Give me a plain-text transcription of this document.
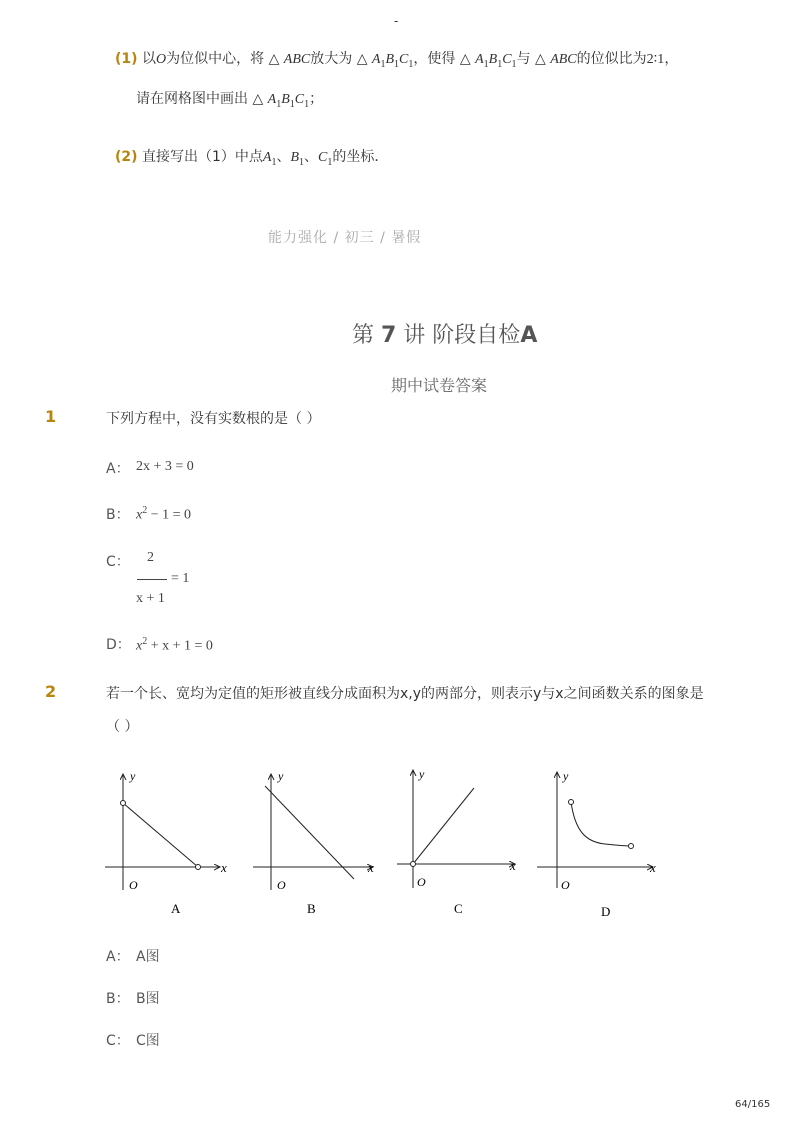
-
(1) 以O为位似中心，将 △ ABC放大为 △ $A_1B_1C_1$，使得 △ $A_1B_1C_1$与 △ ABC的位似比为2∶1，
请在网格图中画出 △ $A_1B_1C_1$；
(2) 直接写出（1）中点$A_1$、$B_1$、$C_1$的坐标．
能力强化 / 初三 / 暑假
第 7 讲 阶段自检A
期中试卷答案
1	下列方程中，没有实数根的是（ ）
A： 2x + 3 = 0
B： $x^2 - 1 = 0$
C： 2
= 1
x + 1
D： $x^2 + x + 1 = 0$
2	若一个长、宽均为定值的矩形被直线分成面积为x,y的两部分，则表示y与x之间函数关系的图象是
（ ）
x
y
O
A
x
y
O
B
x
y
O
C
x
y
O
D
A： A图
B： B图
C： C图
64/165
